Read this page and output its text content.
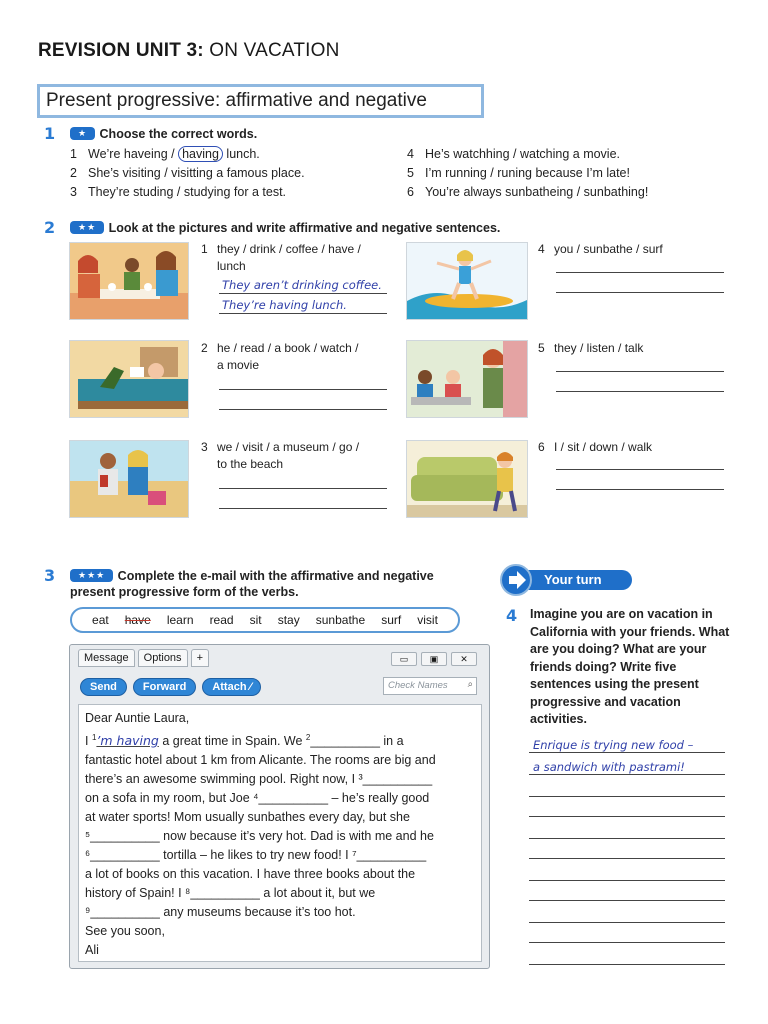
REVISION UNIT 3: ON VACATION
Present progressive: affirmative and negative
1	★ Choose the correct words.
1 We’re haveing / having lunch.
2 She’s visiting / visitting a famous place.
3 They’re studing / studying for a test.
4 He’s watchhing / watching a movie.
5 I’m running / runing because I’m late!
6 You’re always sunbatheing / sunbathing!
2	★★ Look at the pictures and write affirmative and negative sentences.
1 they / drink / coffee / have /
lunch
They aren’t drinking coffee.
They’re having lunch.
2 he / read / a book / watch /
a movie
3 we / visit / a museum / go /
to the beach
4 you / sunbathe / surf
5 they / listen / talk
6 I / sit / down / walk
3	★★★ Complete the e-mail with the affirmative and negative
present progressive form of the verbs.
eat have learn read sit stay sunbathe surf visit
Message	Options	+	▭	▣	✕
Send	Forward	Attach ⁄	Check Names ⌕
Dear Auntie Laura,
I $^1$’m having a great time in Spain. We $^2$__________ in a
fantastic hotel about 1 km from Alicante. The rooms are big and
there’s an awesome swimming pool. Right now, I ³__________
on a sofa in my room, but Joe ⁴__________ – he’s really good
at water sports! Mom usually sunbathes every day, but she
⁵__________ now because it’s very hot. Dad is with me and he
⁶__________ tortilla – he likes to try new food! I ⁷__________
a lot of books on this vacation. I have three books about the
history of Spain! I ⁸__________ a lot about it, but we
⁹__________ any museums because it’s too hot.
See you soon,
Ali
Your turn
4 Imagine you are on vacation in California with your friends. What are you doing? What are your friends doing? Write five sentences using the present progressive and vacation activities.
Enrique is trying new food –
a sandwich with pastrami!
